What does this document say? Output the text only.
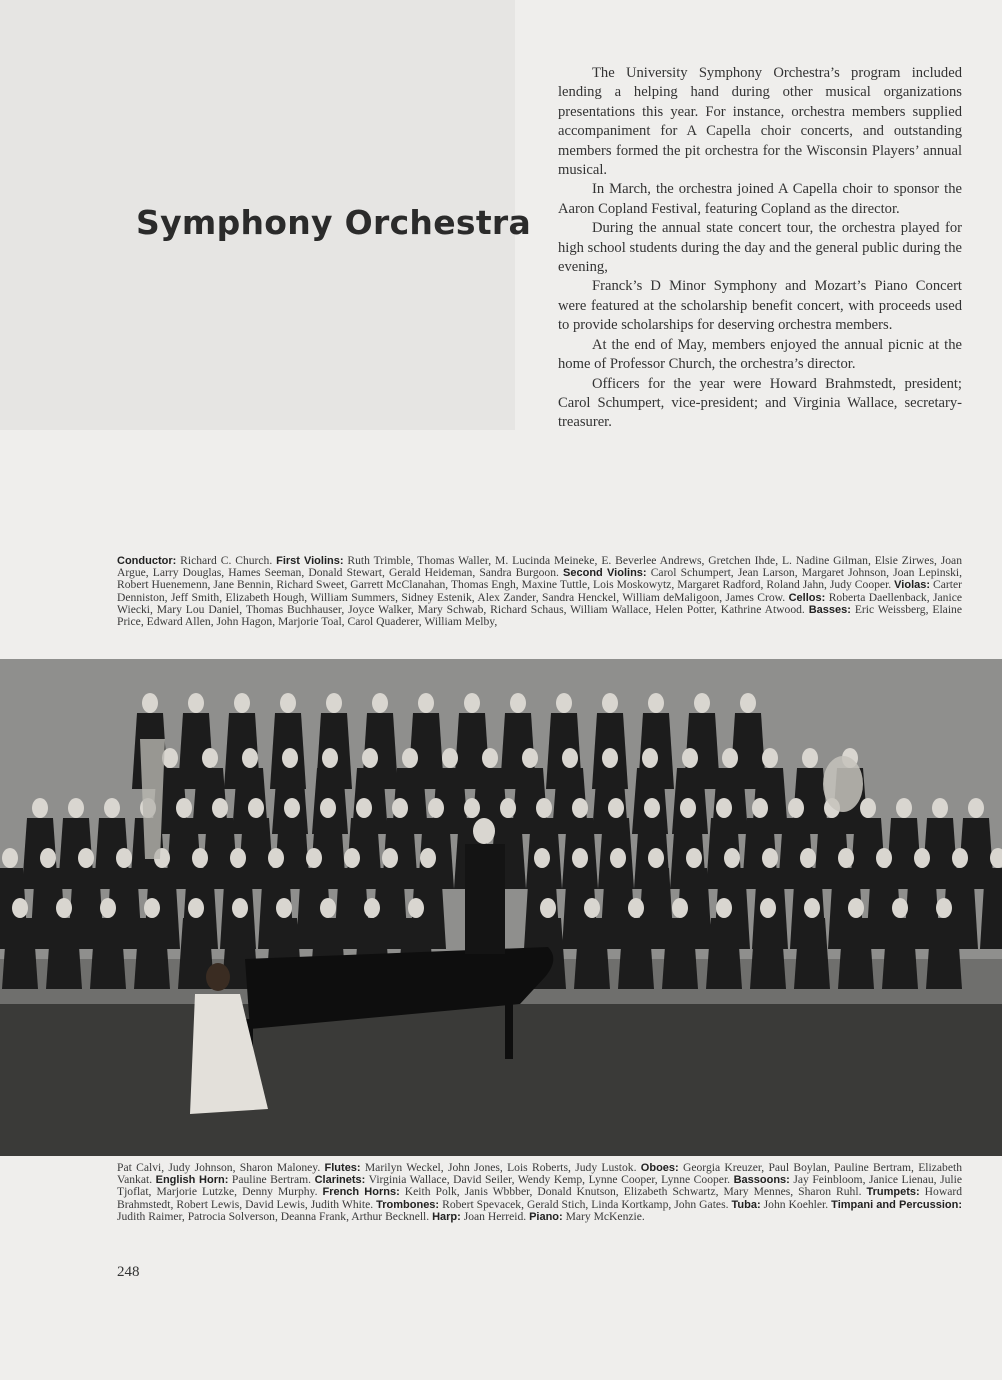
Symphony Orchestra

The University Symphony Orchestra’s program included lending a helping hand during other musical organizations presentations this year. For instance, orchestra members supplied accompaniment for A Capella choir concerts, and outstanding members formed the pit orchestra for the Wisconsin Players’ annual musical.

In March, the orchestra joined A Capella choir to sponsor the Aaron Copland Festival, featuring Copland as the director.

During the annual state concert tour, the orchestra played for high school students during the day and the general public during the evening,

Franck’s D Minor Symphony and Mozart’s Piano Concert were featured at the scholarship benefit concert, with proceeds used to provide scholarships for deserving orchestra members.

At the end of May, members enjoyed the annual picnic at the home of Professor Church, the orchestra’s director.

Officers for the year were Howard Brahmstedt, president; Carol Schumpert, vice-president; and Virginia Wallace, secretary-treasurer.

Conductor: Richard C. Church. First Violins: Ruth Trimble, Thomas Waller, M. Lucinda Meineke, E. Beverlee Andrews, Gretchen Ihde, L. Nadine Gilman, Elsie Zirwes, Joan Argue, Larry Douglas, Hames Seeman, Donald Stewart, Gerald Heideman, Sandra Burgoon. Second Violins: Carol Schumpert, Jean Larson, Margaret Johnson, Joan Lepinski, Robert Huenemenn, Jane Bennin, Richard Sweet, Garrett McClanahan, Thomas Engh, Maxine Tuttle, Lois Moskowytz, Margaret Radford, Roland Jahn, Judy Cooper. Violas: Carter Denniston, Jeff Smith, Elizabeth Hough, William Summers, Sidney Estenik, Alex Zander, Sandra Henckel, William deMaligoon, James Crow. Cellos: Roberta Daellenback, Janice Wiecki, Mary Lou Daniel, Thomas Buchhauser, Joyce Walker, Mary Schwab, Richard Schaus, William Wallace, Helen Potter, Kathrine Atwood. Basses: Eric Weissberg, Elaine Price, Edward Allen, John Hagon, Marjorie Toal, Carol Quaderer, William Melby,

Pat Calvi, Judy Johnson, Sharon Maloney. Flutes: Marilyn Weckel, John Jones, Lois Roberts, Judy Lustok. Oboes: Georgia Kreuzer, Paul Boylan, Pauline Bertram, Elizabeth Vankat. English Horn: Pauline Bertram. Clarinets: Virginia Wallace, David Seiler, Wendy Kemp, Lynne Cooper, Lynne Cooper. Bassoons: Jay Feinbloom, Janice Lienau, Julie Tjoflat, Marjorie Lutzke, Denny Murphy. French Horns: Keith Polk, Janis Wbbber, Donald Knutson, Elizabeth Schwartz, Mary Mennes, Sharon Ruhl. Trumpets: Howard Brahmstedt, Robert Lewis, David Lewis, Judith White. Trombones: Robert Spevacek, Gerald Stich, Linda Kortkamp, John Gates. Tuba: John Koehler. Timpani and Percussion: Judith Raimer, Patrocia Solverson, Deanna Frank, Arthur Becknell. Harp: Joan Herreid. Piano: Mary McKenzie.

248
